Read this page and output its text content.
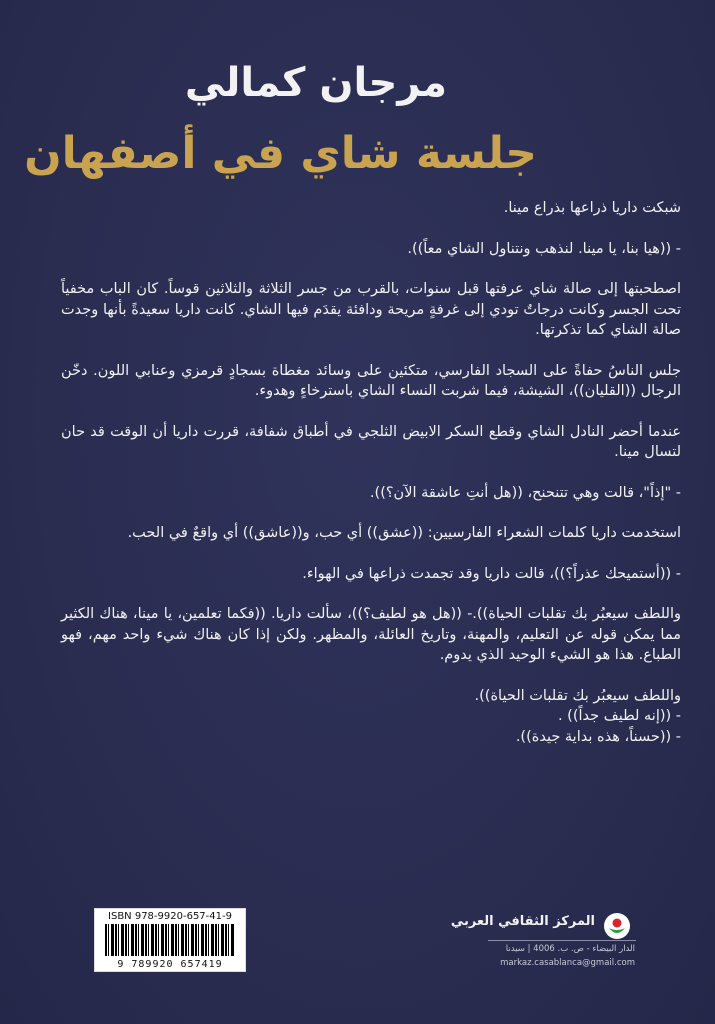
مرجان كمالي
جلسة شاي في أصفهان

شبكت داريا ذراعها بذراع مينا.

- ((هيا بنا، يا مينا. لنذهب ونتناول الشاي معاً)).

اصطحبتها إلى صالة شاي عرفتها قبل سنوات، بالقرب من جسر الثلاثة والثلاثين قوساً. كان الباب مخفياً تحت الجسر وكانت درجاتٌ تودي إلى غرفةٍ مريحة ودافئة يقدَم فيها الشاي. كانت داريا سعيدةً بأنها وجدت صالة الشاي كما تذكرتها.

جلس الناسُ حفاةً على السجاد الفارسي، متكئين على وسائد مغطاة بسجادٍ قرمزي وعنابي اللون. دخّن الرجال ((القليان))، الشيشة، فيما شربت النساء الشاي باسترخاءٍ وهدوء.

عندما أحضر النادل الشاي وقطع السكر الابيض الثلجي في أطباق شفافة، قررت داريا أن الوقت قد حان لتسال مينا.

- "إذاً"، قالت وهي تتنحنح، ((هل أنتِ عاشقة الآن؟)).

استخدمت داريا كلمات الشعراء الفارسيين: ((عشق)) أي حب، و((عاشق)) أي واقعٌ في الحب.

- ((أستميحك عذراً؟))، قالت داريا وقد تجمدت ذراعها في الهواء.

واللطف سيعبُر بك تقلبات الحياة)).- ((هل هو لطيف؟))، سألت داريا. ((فكما تعلمين، يا مينا، هناك الكثير مما يمكن قوله عن التعليم، والمهنة، وتاريخ العائلة، والمظهر. ولكن إذا كان هناك شيء واحد مهم، فهو الطباع. هذا هو الشيء الوحيد الذي يدوم.

واللطف سيعبُر بك تقلبات الحياة)).

- ((إنه لطيف جداً)) .

- ((حسناً، هذه بداية جيدة)).

ISBN 978-9920-657-41-9
9 789920 657419
المركز الثقافي العربي
الدار البيضاء - ص. ب. 4006 | سيدنا
markaz.casablanca@gmail.com
